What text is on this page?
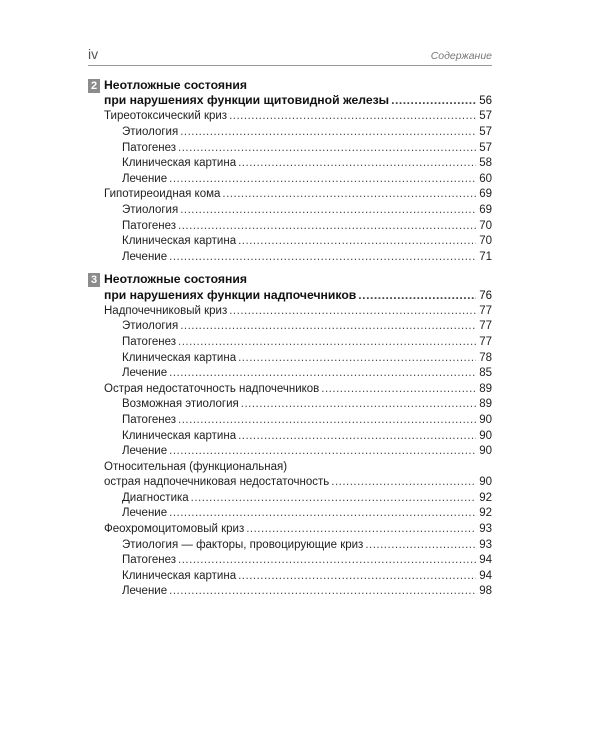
iv	Содержание
2 Неотложные состояния
при нарушениях функции щитовидной железы .....	56
Тиреотоксический криз .....	57
Этиология .....	57
Патогенез .....	57
Клиническая картина .....	58
Лечение .....	60
Гипотиреоидная кома .....	69
Этиология .....	69
Патогенез .....	70
Клиническая картина .....	70
Лечение .....	71
3 Неотложные состояния
при нарушениях функции надпочечников .....	76
Надпочечниковый криз .....	77
Этиология .....	77
Патогенез .....	77
Клиническая картина .....	78
Лечение .....	85
Острая недостаточность надпочечников .....	89
Возможная этиология .....	89
Патогенез .....	90
Клиническая картина .....	90
Лечение .....	90
Относительная (функциональная)
острая надпочечниковая недостаточность .....	90
Диагностика .....	92
Лечение .....	92
Феохромоцитомовый криз .....	93
Этиология — факторы, провоцирующие криз .....	93
Патогенез .....	94
Клиническая картина .....	94
Лечение .....	98
